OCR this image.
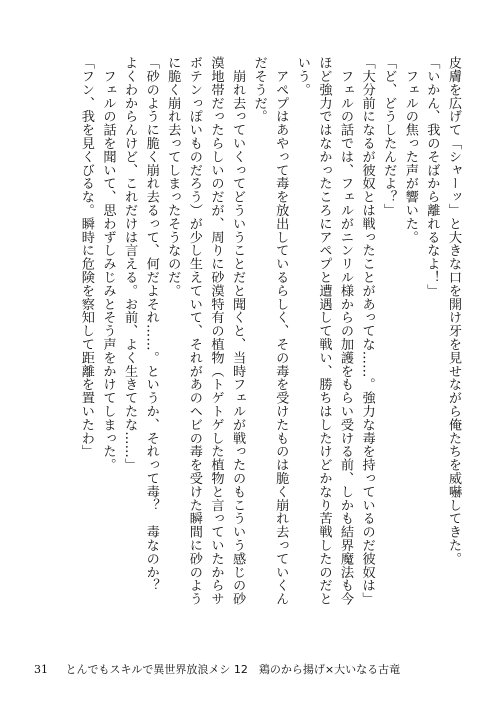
皮膚を広げて「シャーッ」と大きな口を開け牙を見せながら俺たちを威嚇してきた。

「いかん、我のそばから離れるなよ！」

　フェルの焦った声が響いた。

「ど、どうしたんだよ？」

「大分前になるが彼奴とは戦ったことがあってな……。強力な毒を持っているのだ彼奴は」

　フェルの話では、フェルがニンリル様からの加護をもらい受ける前、しかも結界魔法も今ほど強力ではなかったころにアペプと遭遇して戦い、勝ちはしたけどかなり苦戦したのだという。

　アペプはあやって毒を放出しているらしく、その毒を受けたものは脆く崩れ去っていくんだそうだ。

　崩れ去っていくってどういうことだと聞くと、当時フェルが戦ったのもこういう感じの砂漠地帯だったらしいのだが、周りに砂漠特有の植物（トゲトゲした植物と言っていたからサボテンっぽいものだろう）が少し生えていて、それがあのヘビの毒を受けた瞬間に砂のように脆く崩れ去ってしまったそうなのだ。

「砂のように脆く崩れ去るって、何だよそれ……。というか、それって毒？　毒なのか？　よくわからんけど、これだけは言える。お前、よく生きてたな……」

　フェルの話を聞いて、思わずしみじみとそう声をかけてしまった。

「フン、我を見くびるな。瞬時に危険を察知して距離を置いたわ」

31 とんでもスキルで異世界放浪メシ 12　鶏のから揚げ×大いなる古竜
